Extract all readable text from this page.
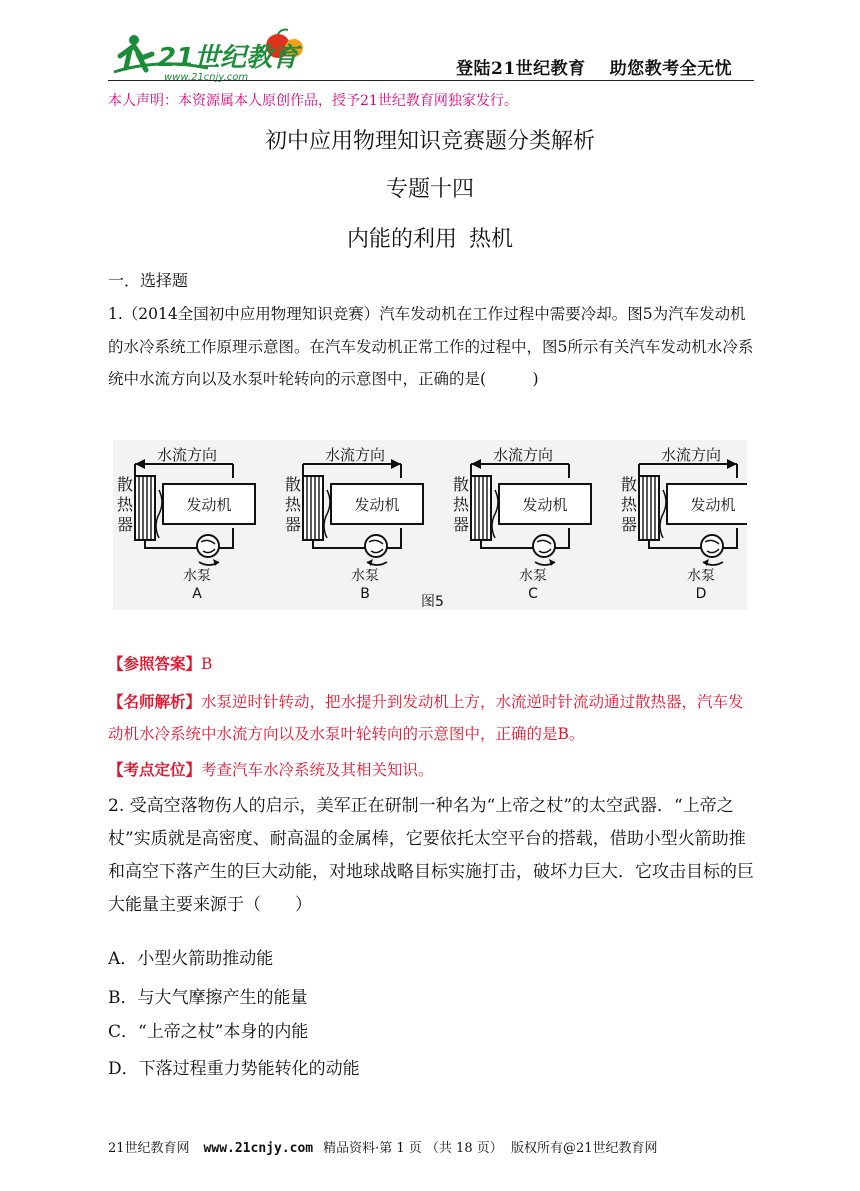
21世纪教育
www.21cnjy.com	登陆21世纪教育 助您教考全无忧
本人声明：本资源属本人原创作品，授予21世纪教育网独家发行。
初中应用物理知识竞赛题分类解析
专题十四
内能的利用 热机
一．选择题
1.（2014全国初中应用物理知识竞赛）汽车发动机在工作过程中需要冷却。图5为汽车发动机的水冷系统工作原理示意图。在汽车发动机正常工作的过程中，图5所示有关汽车发动机水冷系统中水流方向以及水泵叶轮转向的示意图中，正确的是(　　　)
水流方向
散
热
器
发动机
水泵
A
水流方向
散
热
器
发动机
水泵
B
水流方向
散
热
器
发动机
水泵
C
水流方向
散
热
器
发动机
水泵
D
图5
【参照答案】B
【名师解析】水泵逆时针转动，把水提升到发动机上方，水流逆时针流动通过散热器，汽车发动机水冷系统中水流方向以及水泵叶轮转向的示意图中，正确的是B。
【考点定位】考查汽车水冷系统及其相关知识。
2. 受高空落物伤人的启示，美军正在研制一种名为“上帝之杖”的太空武器．“上帝之杖”实质就是高密度、耐高温的金属棒，它要依托太空平台的搭载，借助小型火箭助推和高空下落产生的巨大动能，对地球战略目标实施打击，破坏力巨大．它攻击目标的巨大能量主要来源于（　　）
A．小型火箭助推动能
B．与大气摩擦产生的能量
C．“上帝之杖”本身的内能
D．下落过程重力势能转化的动能
21世纪教育网 www.21cnjy.com 精品资料·第 1 页 （共 18 页） 版权所有@21世纪教育网
